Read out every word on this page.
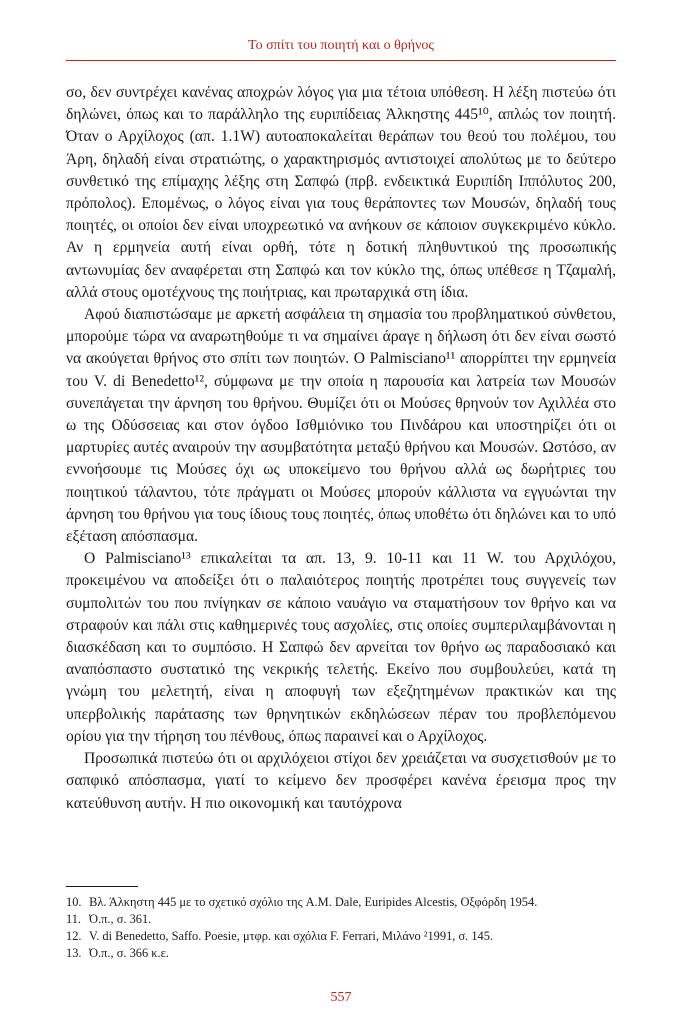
Το σπίτι του ποιητή και ο θρήνος

σο, δεν συντρέχει κανένας αποχρών λόγος για μια τέτοια υπόθεση. Η λέξη πιστεύω ότι δηλώνει, όπως και το παράλληλο της ευριπίδειας Ἀλκηστης 445¹⁰, απλώς τον ποιητή. Όταν ο Αρχίλοχος (απ. 1.1W) αυτοαποκαλείται θεράπων του θεού του πολέμου, του Άρη, δηλαδή είναι στρατιώτης, ο χαρακτηρισμός αντιστοιχεί απολύτως με το δεύτερο συνθετικό της επίμαχης λέξης στη Σαπφώ (πρβ. ενδεικτικά Ευριπίδη Ιππόλυτος 200, πρόπολος). Επομένως, ο λόγος είναι για τους θεράποντες των Μουσών, δηλαδή τους ποιητές, οι οποίοι δεν είναι υποχρεωτικό να ανήκουν σε κάποιον συγκεκριμένο κύκλο. Αν η ερμηνεία αυτή είναι ορθή, τότε η δοτική πληθυντικού της προσωπικής αντωνυμίας δεν αναφέρεται στη Σαπφώ και τον κύκλο της, όπως υπέθεσε η Τζαμαλή, αλλά στους ομοτέχνους της ποιήτριας, και πρωταρχικά στη ίδια.

Αφού διαπιστώσαμε με αρκετή ασφάλεια τη σημασία του προβληματικού σύνθετου, μπορούμε τώρα να αναρωτηθούμε τι να σημαίνει άραγε η δήλωση ότι δεν είναι σωστό να ακούγεται θρήνος στο σπίτι των ποιητών. Ο Palmisciano¹¹ απορρίπτει την ερμηνεία του V. di Benedetto¹², σύμφωνα με την οποία η παρουσία και λατρεία των Μουσών συνεπάγεται την άρνηση του θρήνου. Θυμίζει ότι οι Μούσες θρηνούν τον Αχιλλέα στο ω της Οδύσσειας και στον όγδοο Ισθμιόνικο του Πινδάρου και υποστηρίζει ότι οι μαρτυρίες αυτές αναιρούν την ασυμβατότητα μεταξύ θρήνου και Μουσών. Ωστόσο, αν εννοήσουμε τις Μούσες όχι ως υποκείμενο του θρήνου αλλά ως δωρήτριες του ποιητικού τάλαντου, τότε πράγματι οι Μούσες μπορούν κάλλιστα να εγγυώνται την άρνηση του θρήνου για τους ίδιους τους ποιητές, όπως υποθέτω ότι δηλώνει και το υπό εξέταση απόσπασμα.

Ο Palmisciano¹³ επικαλείται τα απ. 13, 9. 10-11 και 11 W. του Αρχιλόχου, προκειμένου να αποδείξει ότι ο παλαιότερος ποιητής προτρέπει τους συγγενείς των συμπολιτών του που πνίγηκαν σε κάποιο ναυάγιο να σταματήσουν τον θρήνο και να στραφούν και πάλι στις καθημερινές τους ασχολίες, στις οποίες συμπεριλαμβάνονται η διασκέδαση και το συμπόσιο. Η Σαπφώ δεν αρνείται τον θρήνο ως παραδοσιακό και αναπόσπαστο συστατικό της νεκρικής τελετής. Εκείνο που συμβουλεύει, κατά τη γνώμη του μελετητή, είναι η αποφυγή των εξεζητημένων πρακτικών και της υπερβολικής παράτασης των θρηνητικών εκδηλώσεων πέραν του προβλεπόμενου ορίου για την τήρηση του πένθους, όπως παραινεί και ο Αρχίλοχος.

Προσωπικά πιστεύω ότι οι αρχιλόχειοι στίχοι δεν χρειάζεται να συσχετισθούν με το σαπφικό απόσπασμα, γιατί το κείμενο δεν προσφέρει κανένα έρεισμα προς την κατεύθυνση αυτήν. Η πιο οικονομική και ταυτόχρονα

10. Βλ. Άλκηστη 445 με το σχετικό σχόλιο της A.M. Dale, Euripides Alcestis, Οξφόρδη 1954.
11. Ό.π., σ. 361.
12. V. di Benedetto, Saffo. Poesie, μτφρ. και σχόλια F. Ferrari, Μιλάνο ²1991, σ. 145.
13. Ό.π., σ. 366 κ.ε.
557
